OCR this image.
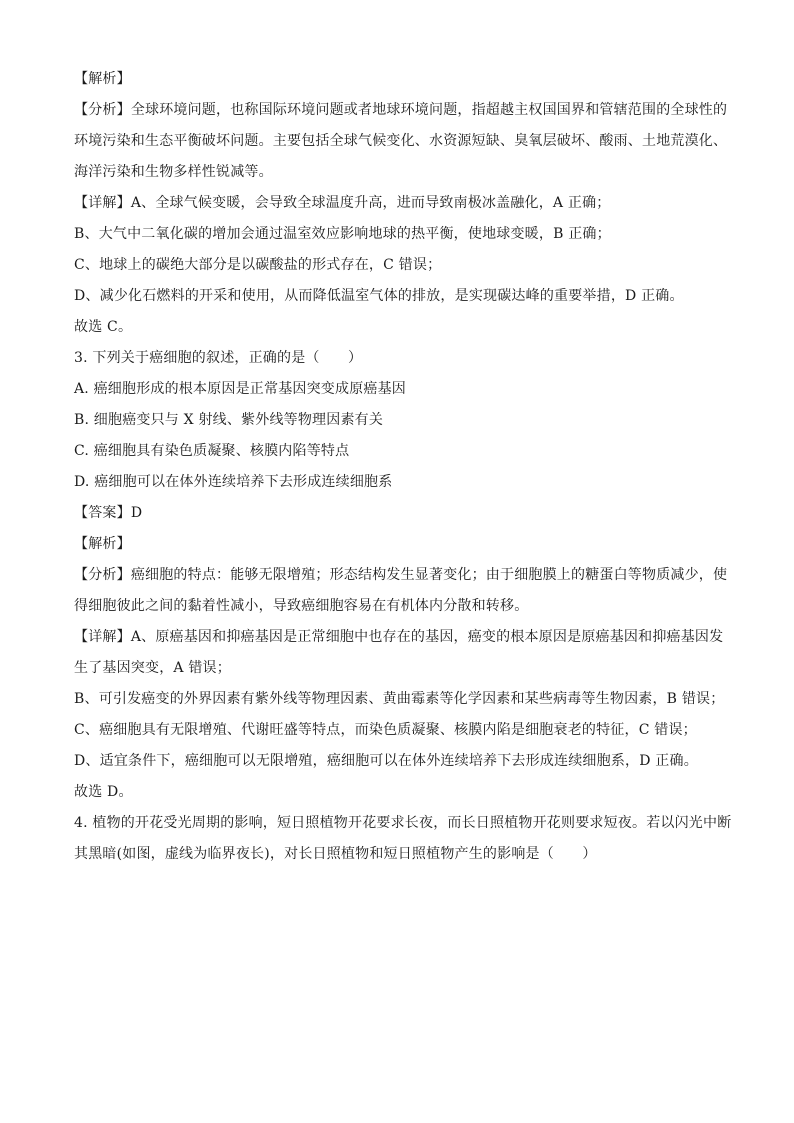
【解析】
【分析】全球环境问题，也称国际环境问题或者地球环境问题，指超越主权国国界和管辖范围的全球性的
环境污染和生态平衡破坏问题。主要包括全球气候变化、水资源短缺、臭氧层破坏、酸雨、土地荒漠化、
海洋污染和生物多样性锐减等。
【详解】A、全球气候变暖，会导致全球温度升高，进而导致南极冰盖融化，A 正确；
B、大气中二氧化碳的增加会通过温室效应影响地球的热平衡，使地球变暖，B 正确；
C、地球上的碳绝大部分是以碳酸盐的形式存在，C 错误；
D、减少化石燃料的开采和使用，从而降低温室气体的排放，是实现碳达峰的重要举措，D 正确。
故选 C。
3. 下列关于癌细胞的叙述，正确的是（　　）
A. 癌细胞形成的根本原因是正常基因突变成原癌基因
B. 细胞癌变只与 X 射线、紫外线等物理因素有关
C. 癌细胞具有染色质凝聚、核膜内陷等特点
D. 癌细胞可以在体外连续培养下去形成连续细胞系
【答案】D
【解析】
【分析】癌细胞的特点：能够无限增殖；形态结构发生显著变化；由于细胞膜上的糖蛋白等物质减少，使
得细胞彼此之间的黏着性减小，导致癌细胞容易在有机体内分散和转移。
【详解】A、原癌基因和抑癌基因是正常细胞中也存在的基因，癌变的根本原因是原癌基因和抑癌基因发
生了基因突变，A 错误；
B、可引发癌变的外界因素有紫外线等物理因素、黄曲霉素等化学因素和某些病毒等生物因素，B 错误；
C、癌细胞具有无限增殖、代谢旺盛等特点，而染色质凝聚、核膜内陷是细胞衰老的特征，C 错误；
D、适宜条件下，癌细胞可以无限增殖，癌细胞可以在体外连续培养下去形成连续细胞系，D 正确。
故选 D。
4. 植物的开花受光周期的影响，短日照植物开花要求长夜，而长日照植物开花则要求短夜。若以闪光中断
其黑暗(如图，虚线为临界夜长)，对长日照植物和短日照植物产生的影响是（　　）
